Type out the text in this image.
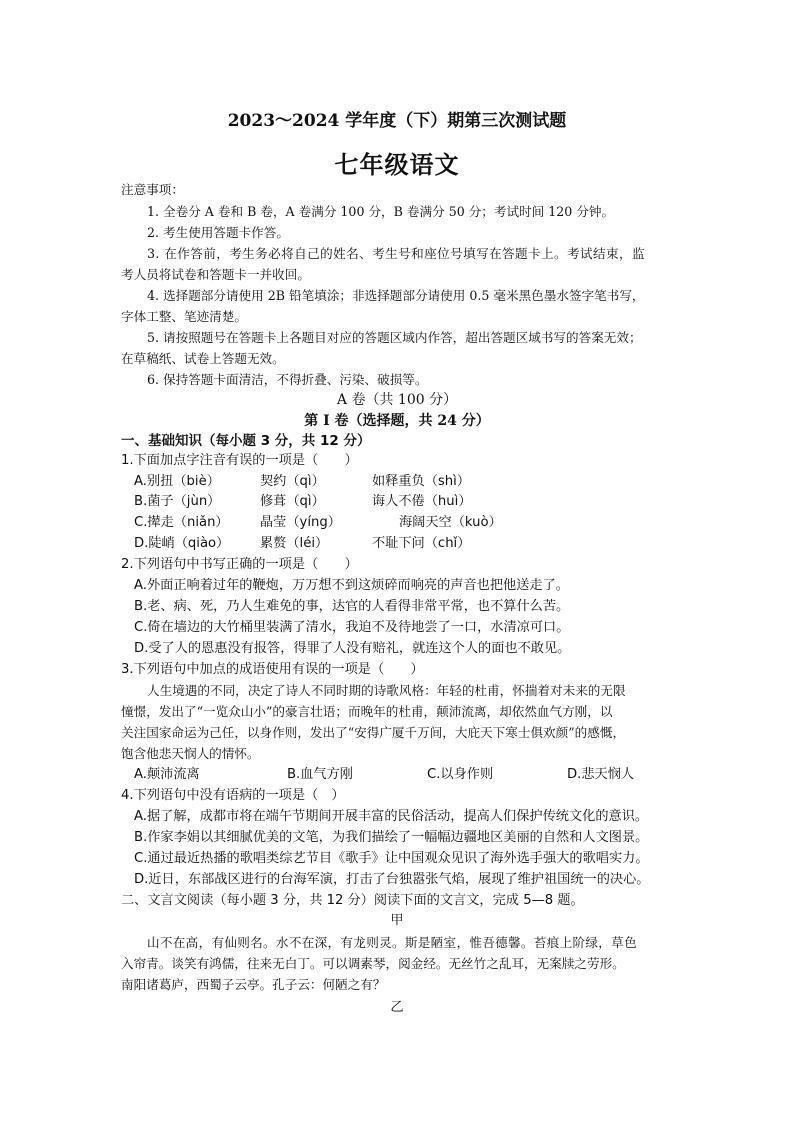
2023～2024 学年度（下）期第三次测试题
七年级语文
注意事项：
1. 全卷分 A 卷和 B 卷，A 卷满分 100 分，B 卷满分 50 分；考试时间 120 分钟。
2. 考生使用答题卡作答。
3. 在作答前，考生务必将自己的姓名、考生号和座位号填写在答题卡上。考试结束，监
考人员将试卷和答题卡一并收回。
4. 选择题部分请使用 2B 铅笔填涂；非选择题部分请使用 0.5 毫米黑色墨水签字笔书写，
字体工整、笔迹清楚。
5. 请按照题号在答题卡上各题目对应的答题区域内作答，超出答题区域书写的答案无效；
在草稿纸、试卷上答题无效。
6. 保持答题卡面清洁，不得折叠、污染、破损等。
A 卷（共 100 分）
第 I 卷（选择题，共 24 分）
一、基础知识（每小题 3 分，共 12 分）
1.下面加点字注音有误的一项是（　　）
A.别扭（biè）	契约（qì）	如释重负（shì）
B.菌子（jùn）	修葺（qì）	诲人不倦（huì）
C.撵走（niǎn） 晶莹（yíng）	海阔天空（kuò）
D.陡峭（qiào） 累赘（léi）	不耻下问（chǐ）
2.下列语句中书写正确的一项是（　　）
A.外面正响着过年的鞭炮，万万想不到这烦碎而响亮的声音也把他送走了。
B.老、病、死，乃人生难免的事，达官的人看得非常平常，也不算什么苦。
C.倚在墙边的大竹桶里装满了清水，我迫不及待地尝了一口，水清凉可口。
D.受了人的恩惠没有报答，得罪了人没有赔礼，就连这个人的面也不敢见。
3.下列语句中加点的成语使用有误的一项是（　　）
人生境遇的不同，决定了诗人不同时期的诗歌风格：年轻的杜甫，怀揣着对未来的无限
憧憬，发出了“一览众山小”的豪言壮语；而晚年的杜甫，颠沛流离，却依然血气方刚，以
关注国家命运为己任，以身作则，发出了“安得广厦千万间，大庇天下寒士俱欢颜”的感慨，
饱含他悲天悯人的情怀。
A.颠沛流离	B.血气方刚	C.以身作则	D.悲天悯人
4.下列语句中没有语病的一项是（　）
A.据了解，成都市将在端午节期间开展丰富的民俗活动，提高人们保护传统文化的意识。
B.作家李娟以其细腻优美的文笔，为我们描绘了一幅幅边疆地区美丽的自然和人文图景。
C.通过最近热播的歌唱类综艺节目《歌手》让中国观众见识了海外选手强大的歌唱实力。
D.近日，东部战区进行的台海军演，打击了台独嚣张气焰，展现了维护祖国统一的决心。
二、文言文阅读（每小题 3 分，共 12 分）阅读下面的文言文，完成 5—8 题。
甲
山不在高，有仙则名。水不在深，有龙则灵。斯是陋室，惟吾德馨。苔痕上阶绿，草色
入帘青。谈笑有鸿儒，往来无白丁。可以调素琴，阅金经。无丝竹之乱耳，无案牍之劳形。
南阳诸葛庐，西蜀子云亭。孔子云：何陋之有？
乙
